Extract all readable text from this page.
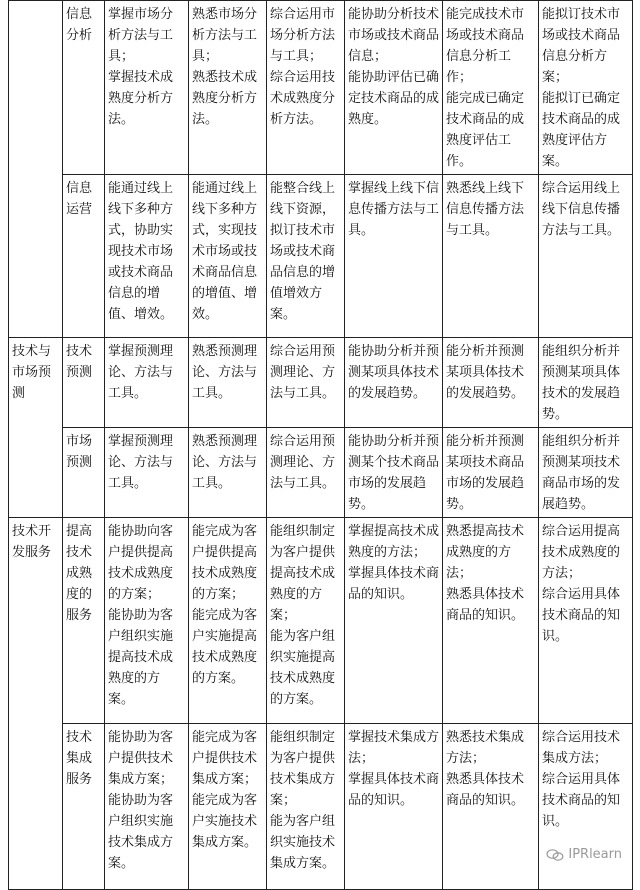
	信息分析	掌握市场分析方法与工具；
掌握技术成熟度分析方法。	熟悉市场分析方法与工具；
熟悉技术成熟度分析方法。	综合运用市场分析方法与工具；
综合运用技术成熟度分析方法。	能协助分析技术市场或技术商品信息；
能协助评估已确定技术商品的成熟度。	能完成技术市场或技术商品信息分析工作；
能完成已确定技术商品的成熟度评估工作。	能拟订技术市场或技术商品信息分析方案；
能拟订已确定技术商品的成熟度评估方案。
	信息运营	能通过线上线下多种方式，协助实现技术市场或技术商品信息的增值、增效。	能通过线上线下多种方式，实现技术市场或技术商品信息的增值、增效。	能整合线上线下资源，拟订技术市场或技术商品信息的增值增效方案。	掌握线上线下信息传播方法与工具。	熟悉线上线下信息传播方法与工具。	综合运用线上线下信息传播方法与工具。
技术与市场预测	技术预测	掌握预测理论、方法与工具。	熟悉预测理论、方法与工具。	综合运用预测理论、方法与工具。	能协助分析并预测某项具体技术的发展趋势。	能分析并预测某项具体技术的发展趋势。	能组织分析并预测某项具体技术的发展趋势。
	市场预测	掌握预测理论、方法与工具。	熟悉预测理论、方法与工具。	综合运用预测理论、方法与工具。	能协助分析并预测某个技术商品市场的发展趋势。	能分析并预测某项技术商品市场的发展趋势。	能组织分析并预测某项技术商品市场的发展趋势。
技术开发服务	提高技术成熟度的服务	能协助向客户提供提高技术成熟度的方案；
能协助为客户组织实施提高技术成熟度的方案。	能完成为客户提供提高技术成熟度的方案；
能完成为客户实施提高技术成熟度的方案。	能组织制定为客户提供提高技术成熟度的方案；
能为客户组织实施提高技术成熟度的方案。	掌握提高技术成熟度的方法；
掌握具体技术商品的知识。	熟悉提高技术成熟度的方法；
熟悉具体技术商品的知识。	综合运用提高技术成熟度的方法；
综合运用具体技术商品的知识。
	技术集成服务	能协助为客户提供技术集成方案；
能协助为客户组织实施技术集成方案。	能完成为客户提供技术集成方案；
能完成为客户实施技术集成方案。	能组织制定为客户提供技术集成方案；
能为客户组织实施技术集成方案。	掌握技术集成方法；
掌握具体技术商品的知识。	熟悉技术集成方法；
熟悉具体技术商品的知识。	综合运用技术集成方法；
综合运用具体技术商品的知识。
IPRlearn
